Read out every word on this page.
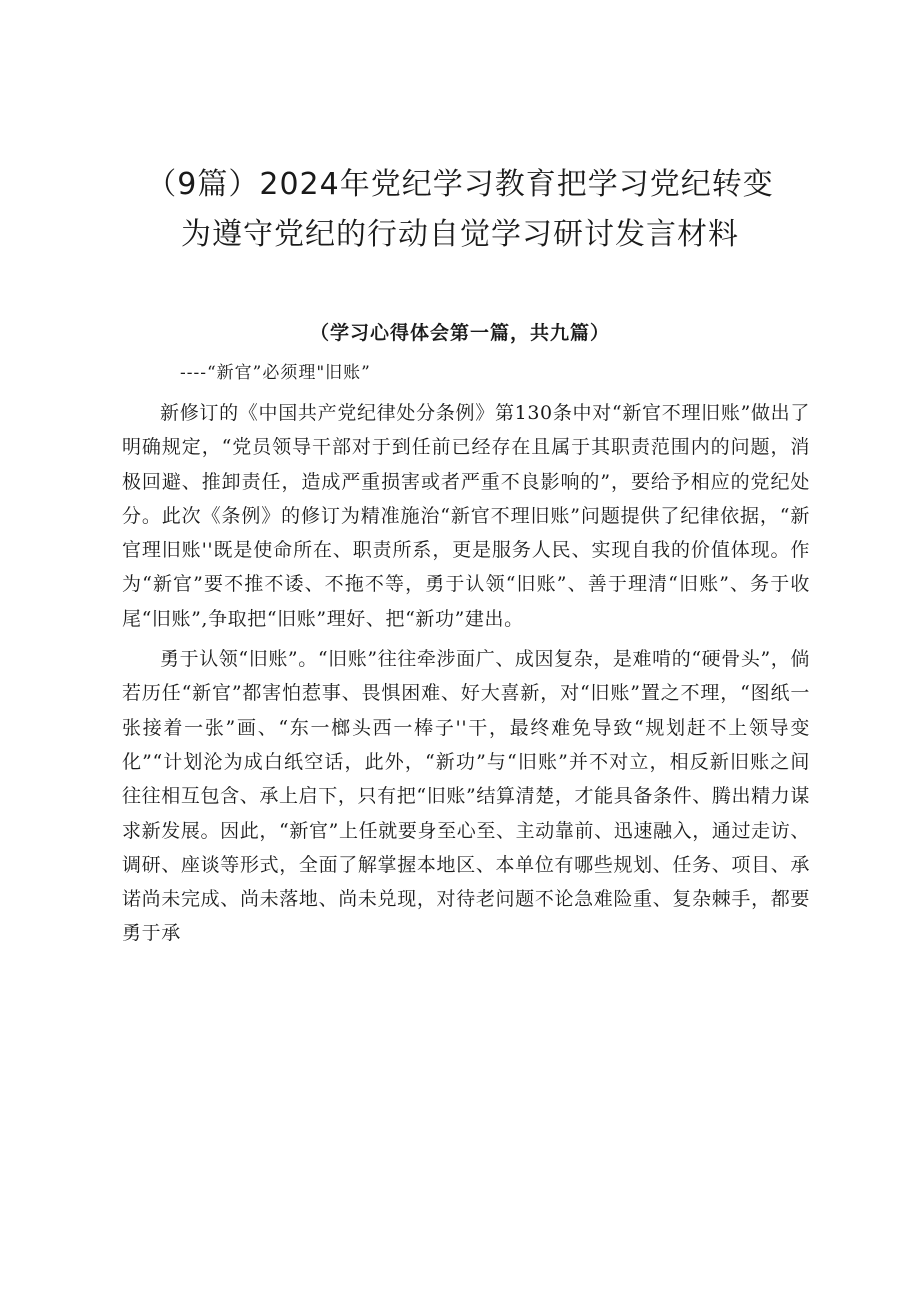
（9篇）2024年党纪学习教育把学习党纪转变
为遵守党纪的行动自觉学习研讨发言材料
（学习心得体会第一篇，共九篇）
----“新官”必须理"旧账”

新修订的《中国共产党纪律处分条例》第130条中对“新官不理旧账”做出了明确规定，“党员领导干部对于到任前已经存在且属于其职责范围内的问题，消极回避、推卸责任，造成严重损害或者严重不良影响的”，要给予相应的党纪处分。此次《条例》的修订为精准施治“新官不理旧账”问题提供了纪律依据，“新官理旧账''既是使命所在、职责所系，更是服务人民、实现自我的价值体现。作为“新官”要不推不诿、不拖不等，勇于认领“旧账”、善于理清“旧账”、务于收尾“旧账”,争取把“旧账”理好、把“新功”建出。

勇于认领“旧账”。“旧账”往往牵涉面广、成因复杂，是难啃的“硬骨头”，倘若历任“新官”都害怕惹事、畏惧困难、好大喜新，对“旧账”置之不理，“图纸一张接着一张”画、“东一榔头西一棒子''干，最终难免导致“规划赶不上领导变化”“计划沦为成白纸空话，此外，“新功”与“旧账”并不对立，相反新旧账之间往往相互包含、承上启下，只有把“旧账”结算清楚，才能具备条件、腾出精力谋求新发展。因此，“新官”上任就要身至心至、主动靠前、迅速融入，通过走访、调研、座谈等形式，全面了解掌握本地区、本单位有哪些规划、任务、项目、承诺尚未完成、尚未落地、尚未兑现，对待老问题不论急难险重、复杂棘手，都要勇于承
